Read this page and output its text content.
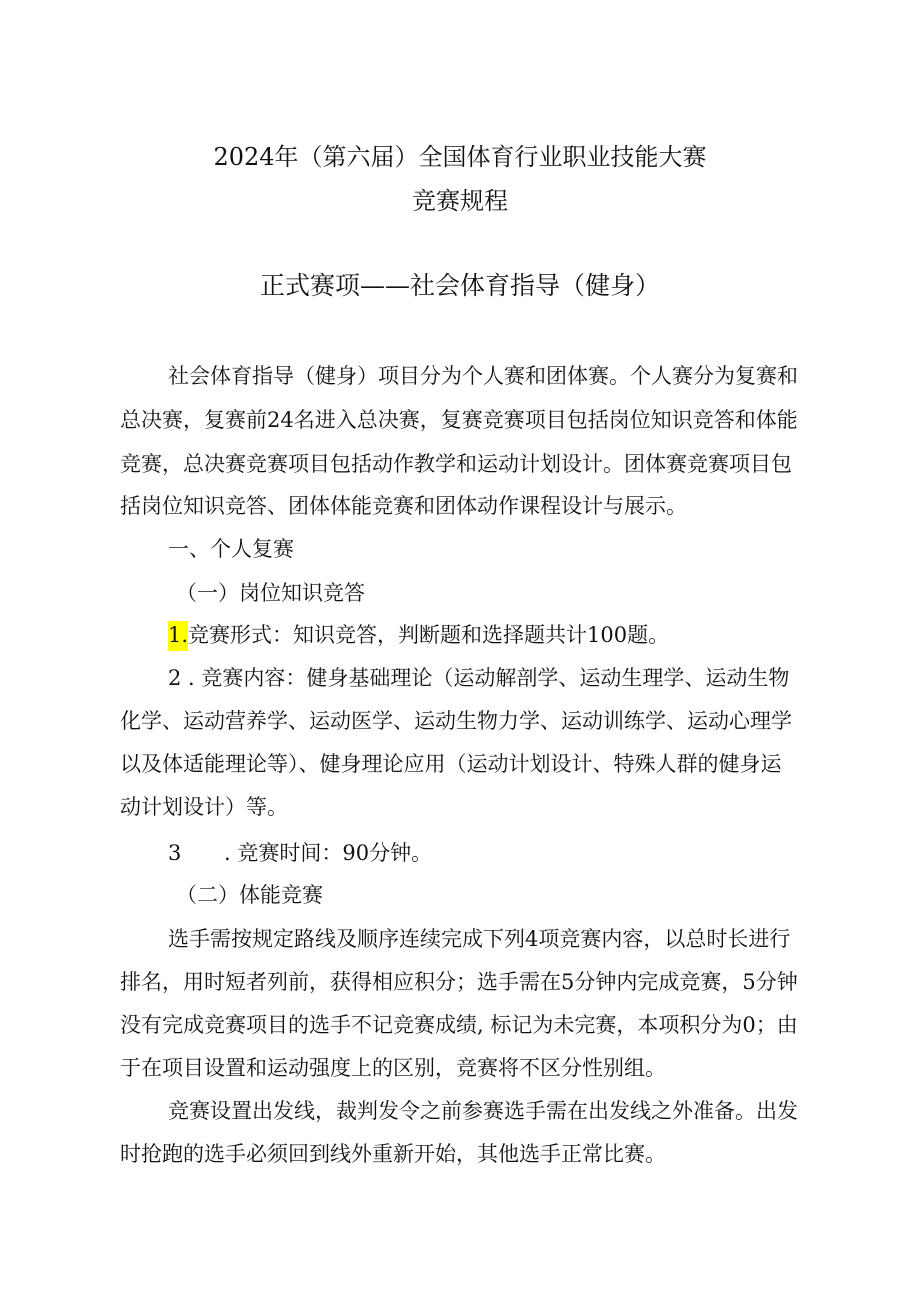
2024年（第六届）全国体育行业职业技能大赛
竞赛规程
正式赛项——社会体育指导（健身）
社会体育指导（健身）项目分为个人赛和团体赛。个人赛分为复赛和
总决赛，复赛前24名进入总决赛，复赛竞赛项目包括岗位知识竞答和体能
竞赛，总决赛竞赛项目包括动作教学和运动计划设计。团体赛竞赛项目包
括岗位知识竞答、团体体能竞赛和团体动作课程设计与展示。
一、个人复赛
（一）岗位知识竞答
1.竞赛形式：知识竞答，判断题和选择题共计100题。
2 . 竞赛内容：健身基础理论（运动解剖学、运动生理学、运动生物
化学、运动营养学、运动医学、运动生物力学、运动训练学、运动心理学
以及体适能理论等）、健身理论应用（运动计划设计、特殊人群的健身运
动计划设计）等。
3 . 竞赛时间：90分钟。
（二）体能竞赛
选手需按规定路线及顺序连续完成下列4项竞赛内容，以总时长进行
排名，用时短者列前，获得相应积分；选手需在5分钟内完成竞赛，5分钟
没有完成竞赛项目的选手不记竞赛成绩, 标记为未完赛，本项积分为0；由
于在项目设置和运动强度上的区别，竞赛将不区分性别组。
竞赛设置出发线，裁判发令之前参赛选手需在出发线之外准备。出发
时抢跑的选手必须回到线外重新开始，其他选手正常比赛。
